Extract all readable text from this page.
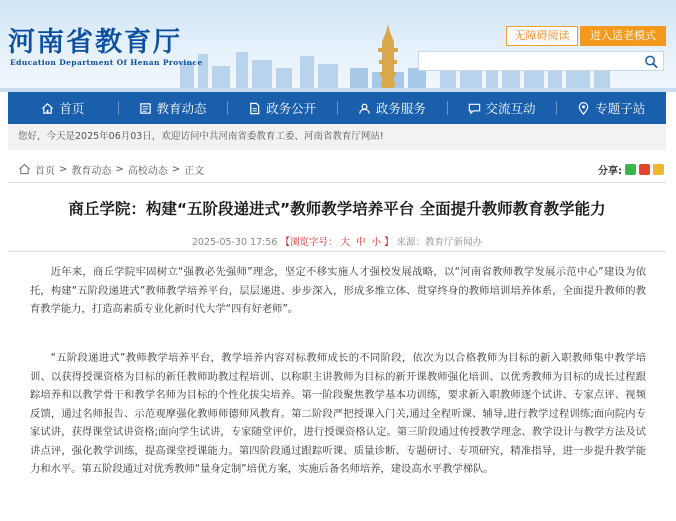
河南省教育厅
Education Department Of Henan Province
无障碍阅读	进入适老模式
首页	教育动态	政务公开	政务服务	交流互动	专题子站
您好，今天是2025年06月03日，欢迎访问中共河南省委教育工委、河南省教育厅网站!
首页 > 教育动态 > 高校动态 > 正文	分享:
商丘学院：构建“五阶段递进式”教师教学培养平台 全面提升教师教育教学能力
2025-05-30 17:56 【浏览字号： 大 中 小 】 来源：教育厅新闻办

近年来，商丘学院牢固树立“强教必先强师”理念，坚定不移实施人才强校发展战略，以“河南省教师教学发展示范中心”建设为依托，构建“五阶段递进式”教师教学培养平台，层层递进、步步深入，形成多维立体、贯穿终身的教师培训培养体系，全面提升教师的教育教学能力，打造高素质专业化新时代大学“四有好老师”。

“五阶段递进式”教师教学培养平台，教学培养内容对标教师成长的不同阶段，依次为以合格教师为目标的新入职教师集中教学培训、以获得授课资格为目标的新任教师助教过程培训、以称职主讲教师为目标的新开课教师强化培训、以优秀教师为目标的成长过程跟踪培养和以教学骨干和教学名师为目标的个性化拔尖培养。第一阶段聚焦教学基本功训练，要求新入职教师逐个试讲、专家点评、视频反馈，通过名师报告、示范观摩强化教师师德师风教育。第二阶段严把授课入门关,通过全程听课、辅导,进行教学过程训练;面向院内专家试讲，获得课堂试讲资格;面向学生试讲，专家随堂评价，进行授课资格认定。第三阶段通过传授教学理念、教学设计与教学方法及试讲点评，强化教学训练，提高课堂授课能力。第四阶段通过跟踪听课、质量诊断、专题研讨、专项研究，精准指导，进一步提升教学能力和水平。第五阶段通过对优秀教师“量身定制”培优方案，实施后备名师培养，建设高水平教学梯队。
